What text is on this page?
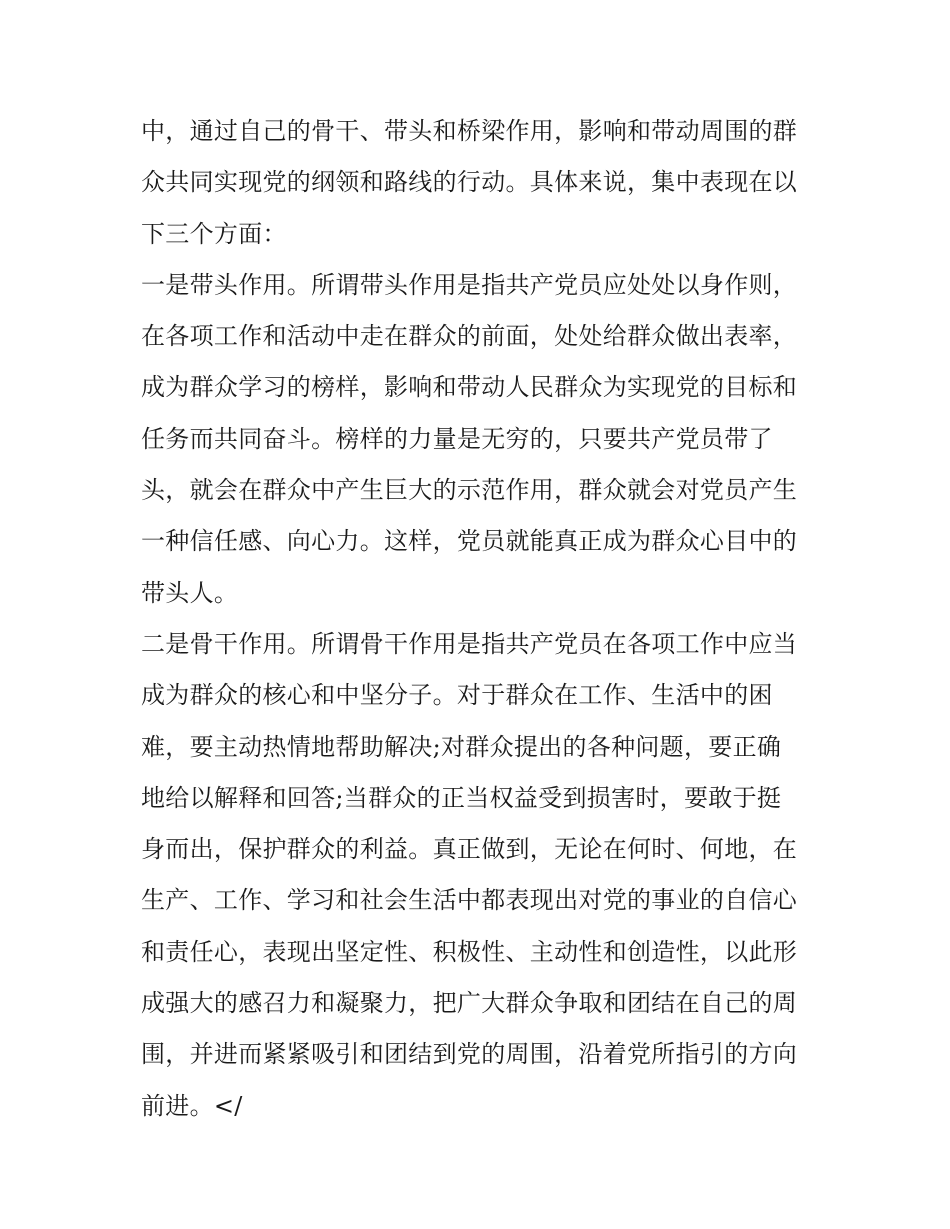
中，通过自己的骨干、带头和桥梁作用，影响和带动周围的群
众共同实现党的纲领和路线的行动。具体来说，集中表现在以
下三个方面：
一是带头作用。所谓带头作用是指共产党员应处处以身作则，
在各项工作和活动中走在群众的前面，处处给群众做出表率，
成为群众学习的榜样，影响和带动人民群众为实现党的目标和
任务而共同奋斗。榜样的力量是无穷的，只要共产党员带了
头，就会在群众中产生巨大的示范作用，群众就会对党员产生
一种信任感、向心力。这样，党员就能真正成为群众心目中的
带头人。
二是骨干作用。所谓骨干作用是指共产党员在各项工作中应当
成为群众的核心和中坚分子。对于群众在工作、生活中的困
难，要主动热情地帮助解决;对群众提出的各种问题，要正确
地给以解释和回答;当群众的正当权益受到损害时，要敢于挺
身而出，保护群众的利益。真正做到，无论在何时、何地，在
生产、工作、学习和社会生活中都表现出对党的事业的自信心
和责任心，表现出坚定性、积极性、主动性和创造性，以此形
成强大的感召力和凝聚力，把广大群众争取和团结在自己的周
围，并进而紧紧吸引和团结到党的周围，沿着党所指引的方向
前进。</
